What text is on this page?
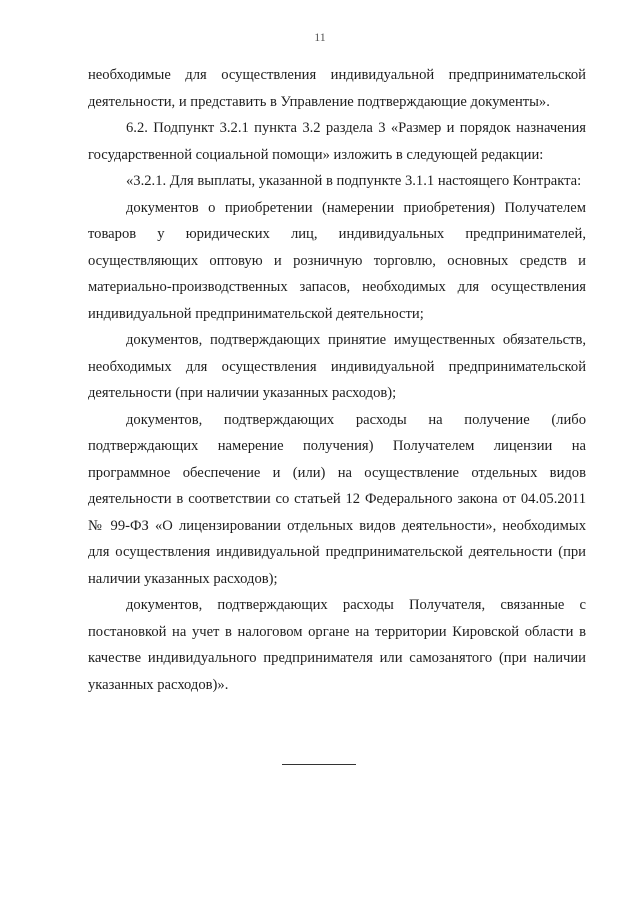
11

необходимые для осуществления индивидуальной предпринимательской деятельности, и представить в Управление подтверждающие документы».

6.2. Подпункт 3.2.1 пункта 3.2 раздела 3 «Размер и порядок назначения государственной социальной помощи» изложить в следующей редакции:

«3.2.1. Для выплаты, указанной в подпункте 3.1.1 настоящего Контракта:

документов о приобретении (намерении приобретения) Получателем товаров у юридических лиц, индивидуальных предпринимателей, осуществляющих оптовую и розничную торговлю, основных средств и материально-производственных запасов, необходимых для осуществления индивидуальной предпринимательской деятельности;

документов, подтверждающих принятие имущественных обязательств, необходимых для осуществления индивидуальной предпринимательской деятельности (при наличии указанных расходов);

документов, подтверждающих расходы на получение (либо подтверждающих намерение получения) Получателем лицензии на программное обеспечение и (или) на осуществление отдельных видов деятельности в соответствии со статьей 12 Федерального закона от 04.05.2011 № 99-ФЗ «О лицензировании отдельных видов деятельности», необходимых для осуществления индивидуальной предпринимательской деятельности (при наличии указанных расходов);

документов, подтверждающих расходы Получателя, связанные с постановкой на учет в налоговом органе на территории Кировской области в качестве индивидуального предпринимателя или самозанятого (при наличии указанных расходов)».
